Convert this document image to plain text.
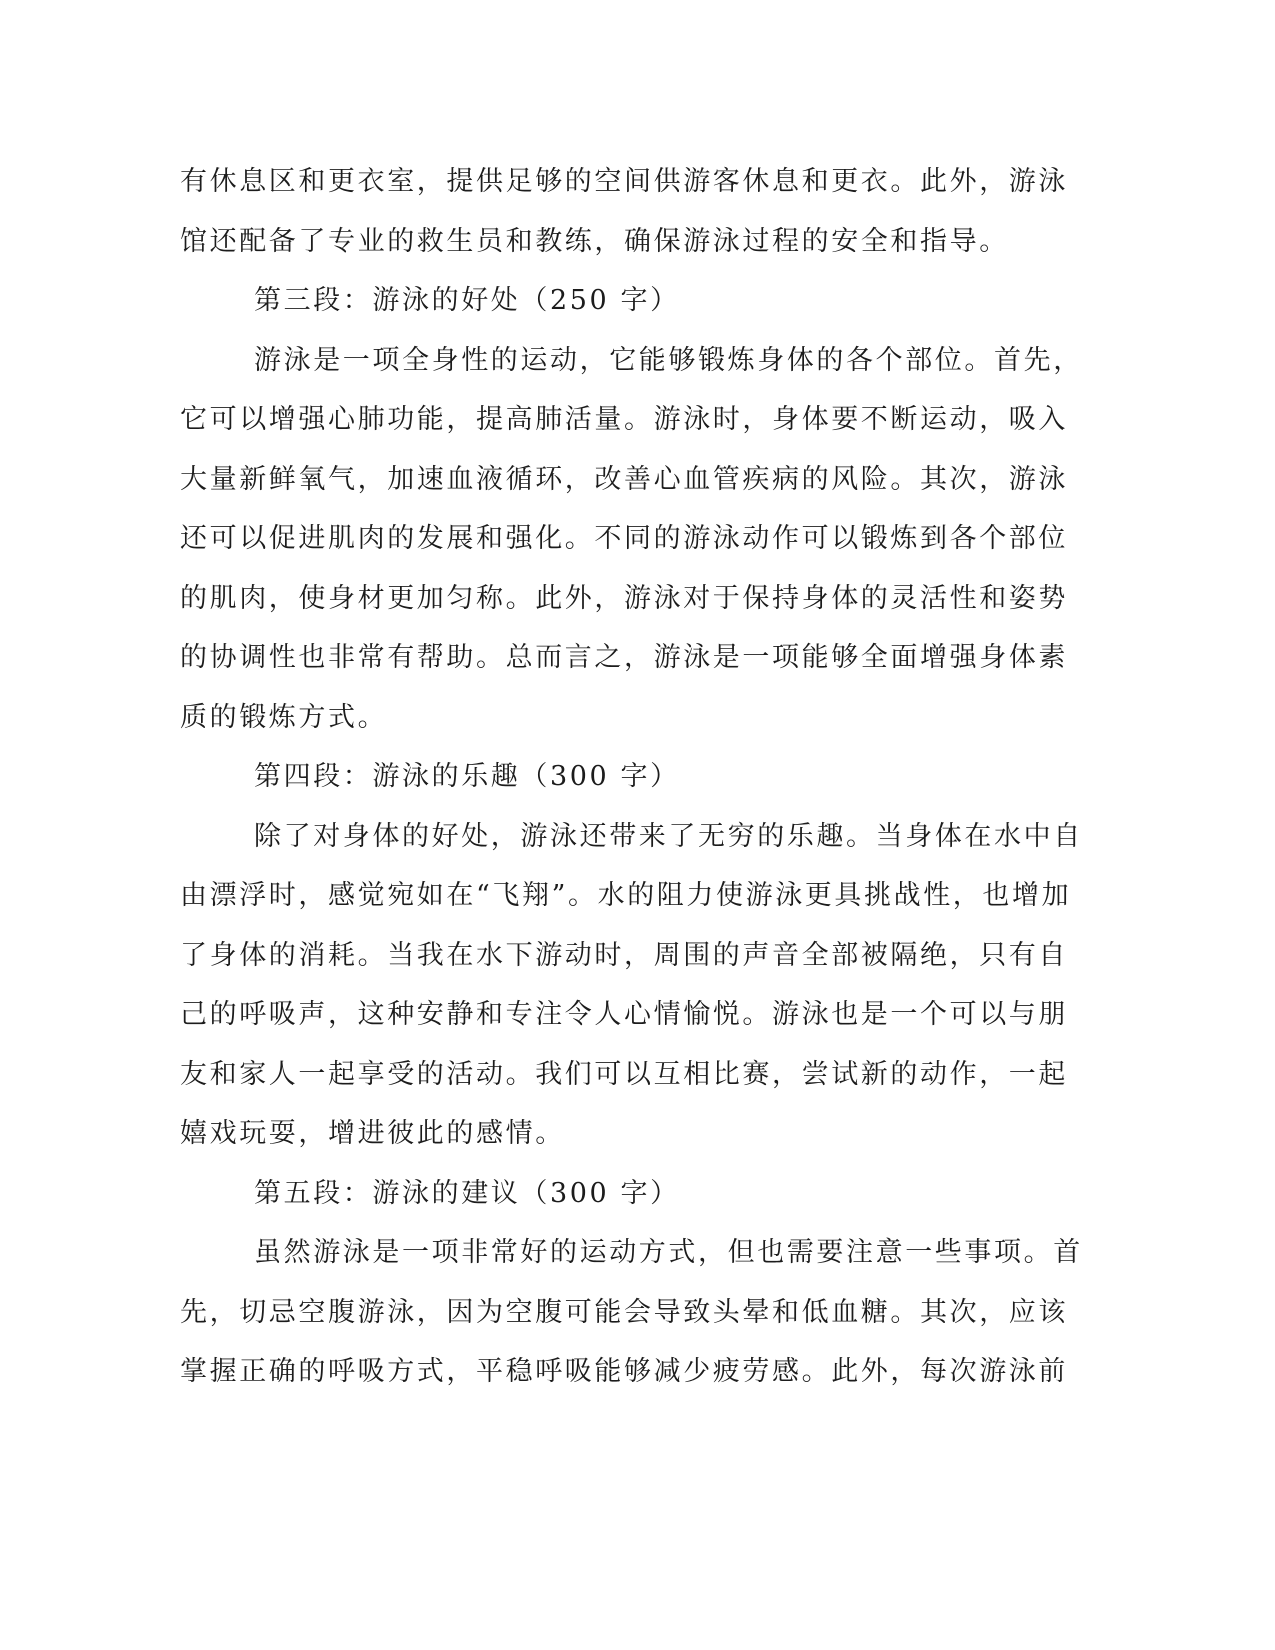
有休息区和更衣室，提供足够的空间供游客休息和更衣。此外，游泳
馆还配备了专业的救生员和教练，确保游泳过程的安全和指导。
第三段：游泳的好处（250 字）
游泳是一项全身性的运动，它能够锻炼身体的各个部位。首先，
它可以增强心肺功能，提高肺活量。游泳时，身体要不断运动，吸入
大量新鲜氧气，加速血液循环，改善心血管疾病的风险。其次，游泳
还可以促进肌肉的发展和强化。不同的游泳动作可以锻炼到各个部位
的肌肉，使身材更加匀称。此外，游泳对于保持身体的灵活性和姿势
的协调性也非常有帮助。总而言之，游泳是一项能够全面增强身体素
质的锻炼方式。
第四段：游泳的乐趣（300 字）
除了对身体的好处，游泳还带来了无穷的乐趣。当身体在水中自
由漂浮时，感觉宛如在“飞翔”。水的阻力使游泳更具挑战性，也增加
了身体的消耗。当我在水下游动时，周围的声音全部被隔绝，只有自
己的呼吸声，这种安静和专注令人心情愉悦。游泳也是一个可以与朋
友和家人一起享受的活动。我们可以互相比赛，尝试新的动作，一起
嬉戏玩耍，增进彼此的感情。
第五段：游泳的建议（300 字）
虽然游泳是一项非常好的运动方式，但也需要注意一些事项。首
先，切忌空腹游泳，因为空腹可能会导致头晕和低血糖。其次，应该
掌握正确的呼吸方式，平稳呼吸能够减少疲劳感。此外，每次游泳前
